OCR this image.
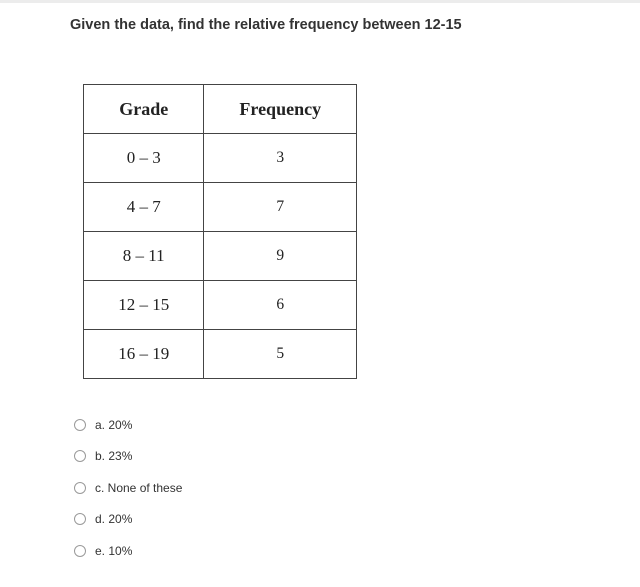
Given the data, find the relative frequency between 12-15
Grade	Frequency
0 – 3	3
4 – 7	7
8 – 11	9
12 – 15	6
16 – 19	5
a. 20%
b. 23%
c. None of these
d. 20%
e. 10%
